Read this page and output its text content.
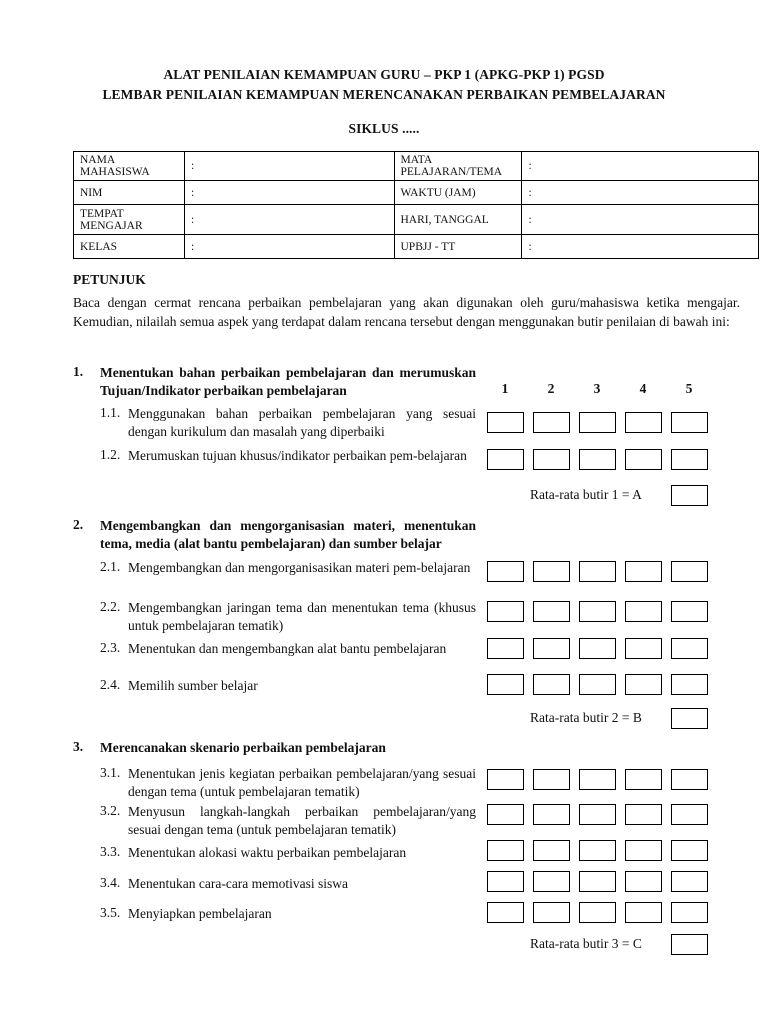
ALAT PENILAIAN KEMAMPUAN GURU – PKP 1 (APKG-PKP 1) PGSD
LEMBAR PENILAIAN KEMAMPUAN MERENCANAKAN PERBAIKAN PEMBELAJARAN
SIKLUS .....
NAMA MAHASISWA	:	MATA PELAJARAN/TEMA	:
NIM	:	WAKTU (JAM)	:
TEMPAT MENGAJAR	:	HARI, TANGGAL	:
KELAS	:	UPBJJ - TT	:
PETUNJUK
Baca dengan cermat rencana perbaikan pembelajaran yang akan digunakan oleh guru/mahasiswa ketika mengajar. Kemudian, nilailah semua aspek yang terdapat dalam rencana tersebut dengan menggunakan butir penilaian di bawah ini:
1	2	3	4	5
1. Menentukan bahan perbaikan pembelajaran dan merumuskan Tujuan/Indikator perbaikan pembelajaran
1.1. Menggunakan bahan perbaikan pembelajaran yang sesuai dengan kurikulum dan masalah yang diperbaiki
1.2. Merumuskan tujuan khusus/indikator perbaikan pem-belajaran
Rata-rata butir 1 = A
2. Mengembangkan dan mengorganisasian materi, menentukan tema, media (alat bantu pembelajaran) dan sumber belajar
2.1. Mengembangkan dan mengorganisasikan materi pem-belajaran
2.2. Mengembangkan jaringan tema dan menentukan tema (khusus untuk pembelajaran tematik)
2.3. Menentukan dan mengembangkan alat bantu pembelajaran
2.4. Memilih sumber belajar
Rata-rata butir 2 = B
3. Merencanakan skenario perbaikan pembelajaran
3.1. Menentukan jenis kegiatan perbaikan pembelajaran/yang sesuai dengan tema (untuk pembelajaran tematik)
3.2. Menyusun langkah-langkah perbaikan pembelajaran/yang sesuai dengan tema (untuk pembelajaran tematik)
3.3. Menentukan alokasi waktu perbaikan pembelajaran
3.4. Menentukan cara-cara memotivasi siswa
3.5. Menyiapkan pembelajaran
Rata-rata butir 3 = C
